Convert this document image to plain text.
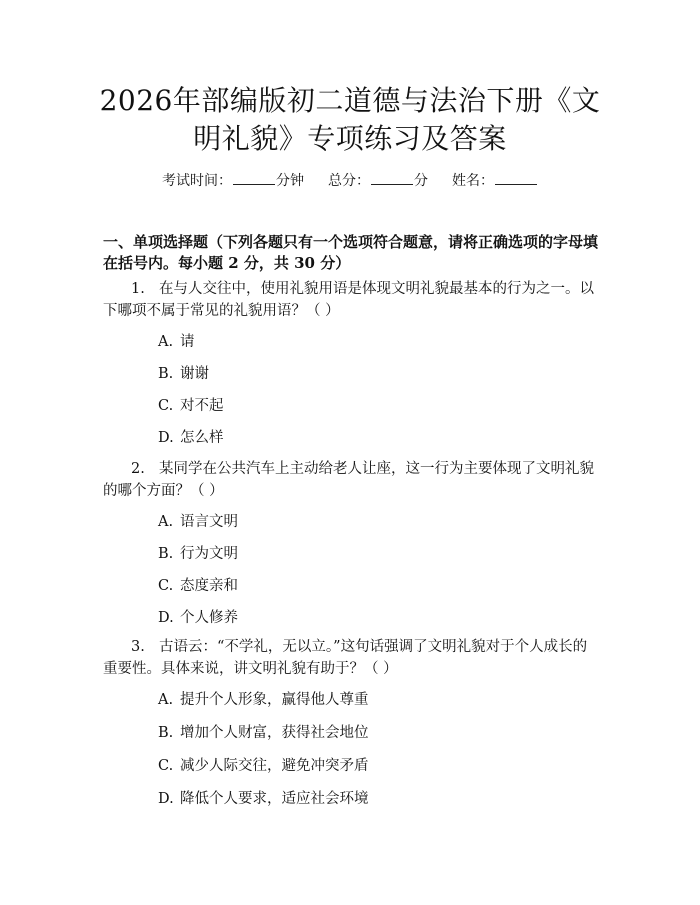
2026年部编版初二道德与法治下册《文明礼貌》专项练习及答案
考试时间：	分钟 总分：	分 姓名：
一、单项选择题（下列各题只有一个选项符合题意，请将正确选项的字母填在括号内。每小题 2 分，共 30 分）
1. 在与人交往中，使用礼貌用语是体现文明礼貌最基本的行为之一。以下哪项不属于常见的礼貌用语？（ ）
A. 请
B. 谢谢
C. 对不起
D. 怎么样
2. 某同学在公共汽车上主动给老人让座，这一行为主要体现了文明礼貌的哪个方面？（ ）
A. 语言文明
B. 行为文明
C. 态度亲和
D. 个人修养
3. 古语云：“不学礼，无以立。”这句话强调了文明礼貌对于个人成长的重要性。具体来说，讲文明礼貌有助于？（ ）
A. 提升个人形象，赢得他人尊重
B. 增加个人财富，获得社会地位
C. 减少人际交往，避免冲突矛盾
D. 降低个人要求，适应社会环境
